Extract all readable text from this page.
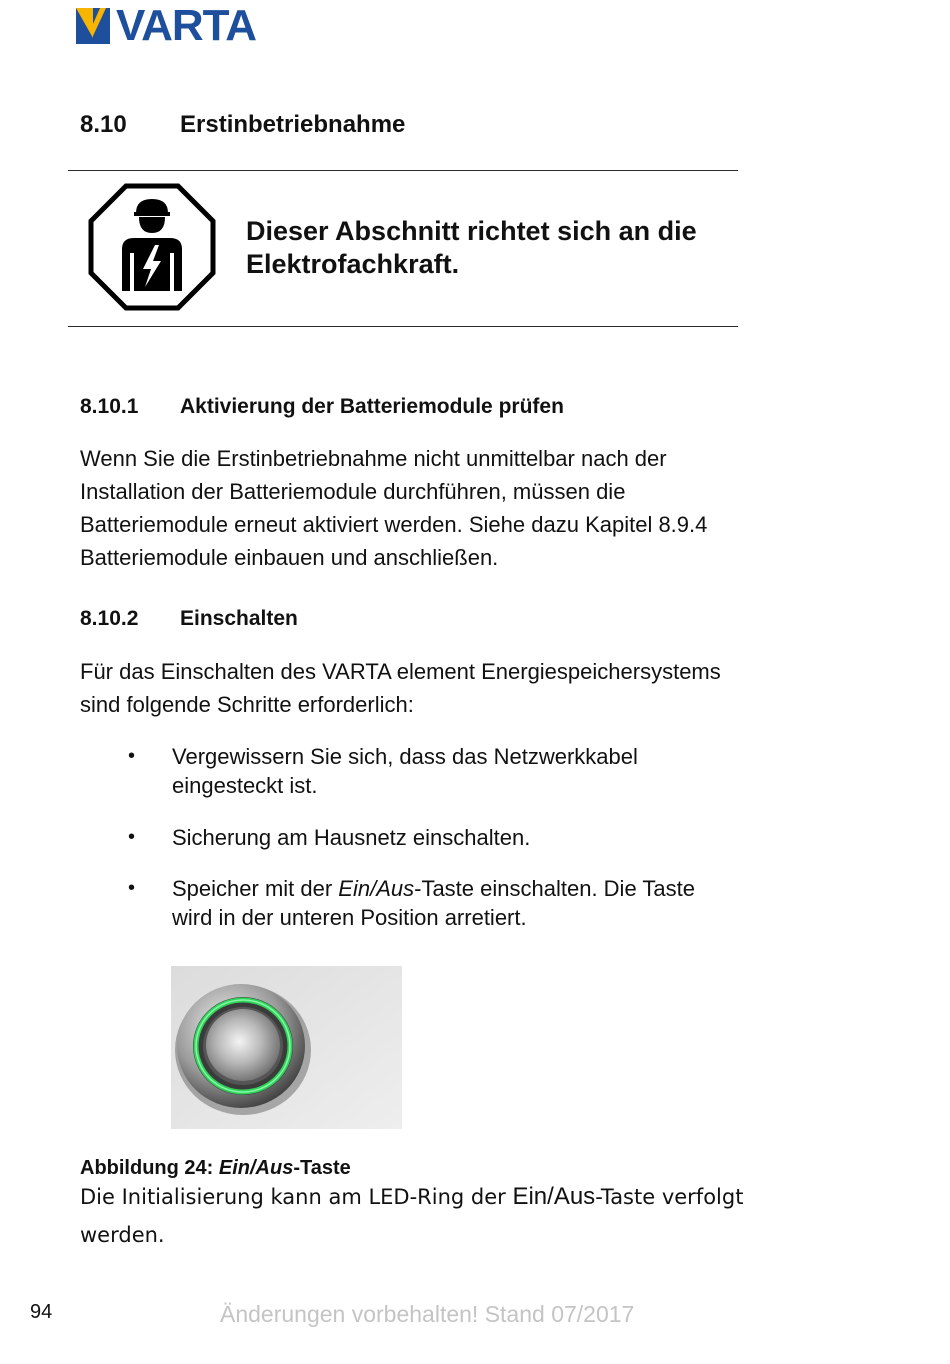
VARTA
8.10 Erstinbetriebnahme
Dieser Abschnitt richtet sich an die
Elektrofachkraft.
8.10.1 Aktivierung der Batteriemodule prüfen
Wenn Sie die Erstinbetriebnahme nicht unmittelbar nach der
Installation der Batteriemodule durchführen, müssen die
Batteriemodule erneut aktiviert werden. Siehe dazu Kapitel 8.9.4
Batteriemodule einbauen und anschließen.
8.10.2 Einschalten
Für das Einschalten des VARTA element Energiespeichersystems
sind folgende Schritte erforderlich:
• Vergewissern Sie sich, dass das Netzwerkkabel
eingesteckt ist.
• Sicherung am Hausnetz einschalten.
• Speicher mit der Ein/Aus-Taste einschalten. Die Taste
wird in der unteren Position arretiert.
Abbildung 24: Ein/Aus-Taste
Die Initialisierung kann am LED-Ring der Ein/Aus-Taste verfolgt
werden.
94	Änderungen vorbehalten! Stand 07/2017
